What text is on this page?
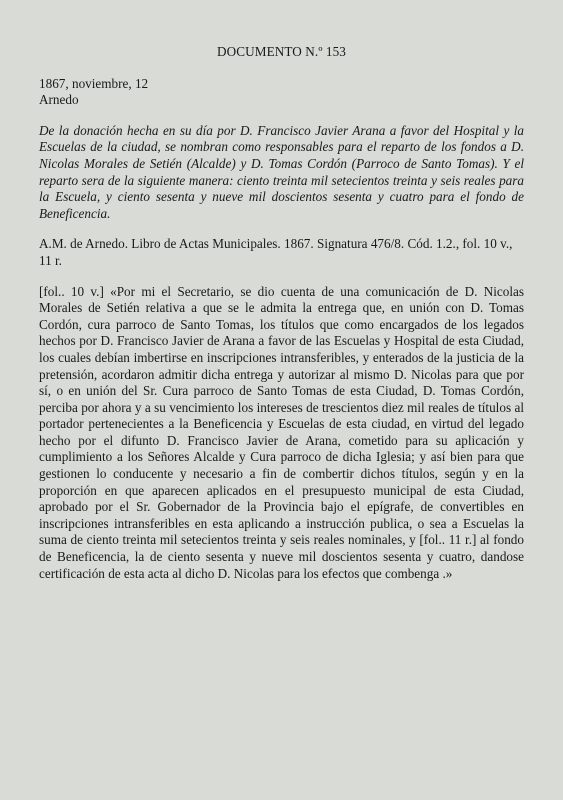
DOCUMENTO N.º 153
1867, noviembre, 12
Arnedo

De la donación hecha en su día por D. Francisco Javier Arana a favor del Hospital y la Escuelas de la ciudad, se nombran como responsables para el reparto de los fondos a D. Nicolas Morales de Setién (Alcalde) y D. Tomas Cordón (Parroco de Santo Tomas). Y el reparto sera de la siguiente manera: ciento treinta mil setecientos treinta y seis reales para la Escuela, y ciento sesenta y nueve mil doscientos sesenta y cuatro para el fondo de Beneficencia.

A.M. de Arnedo. Libro de Actas Municipales. 1867. Signatura 476/8. Cód. 1.2., fol. 10 v., 11 r.

[fol.. 10 v.] «Por mi el Secretario, se dio cuenta de una comunicación de D. Nicolas Morales de Setién relativa a que se le admita la entrega que, en unión con D. Tomas Cordón, cura parroco de Santo Tomas, los títulos que como encargados de los legados hechos por D. Francisco Javier de Arana a favor de las Escuelas y Hospital de esta Ciudad, los cuales debían imbertirse en inscripciones intransferibles, y enterados de la justicia de la pretensión, acordaron admitir dicha entrega y autorizar al mismo D. Nicolas para que por sí, o en unión del Sr. Cura parroco de Santo Tomas de esta Ciudad, D. Tomas Cordón, perciba por ahora y a su vencimiento los intereses de trescientos diez mil reales de títulos al portador pertenecientes a la Beneficencia y Escuelas de esta ciudad, en virtud del legado hecho por el difunto D. Francisco Javier de Arana, cometido para su aplicación y cumplimiento a los Señores Alcalde y Cura parroco de dicha Iglesia; y así bien para que gestionen lo conducente y necesario a fin de combertir dichos títulos, según y en la proporción en que aparecen aplicados en el presupuesto municipal de esta Ciudad, aprobado por el Sr. Gobernador de la Provincia bajo el epígrafe, de convertibles en inscripciones intransferibles en esta aplicando a instrucción publica, o sea a Escuelas la suma de ciento treinta mil setecientos treinta y seis reales nominales, y [fol.. 11 r.] al fondo de Beneficencia, la de ciento sesenta y nueve mil doscientos sesenta y cuatro, dandose certificación de esta acta al dicho D. Nicolas para los efectos que combenga .»
